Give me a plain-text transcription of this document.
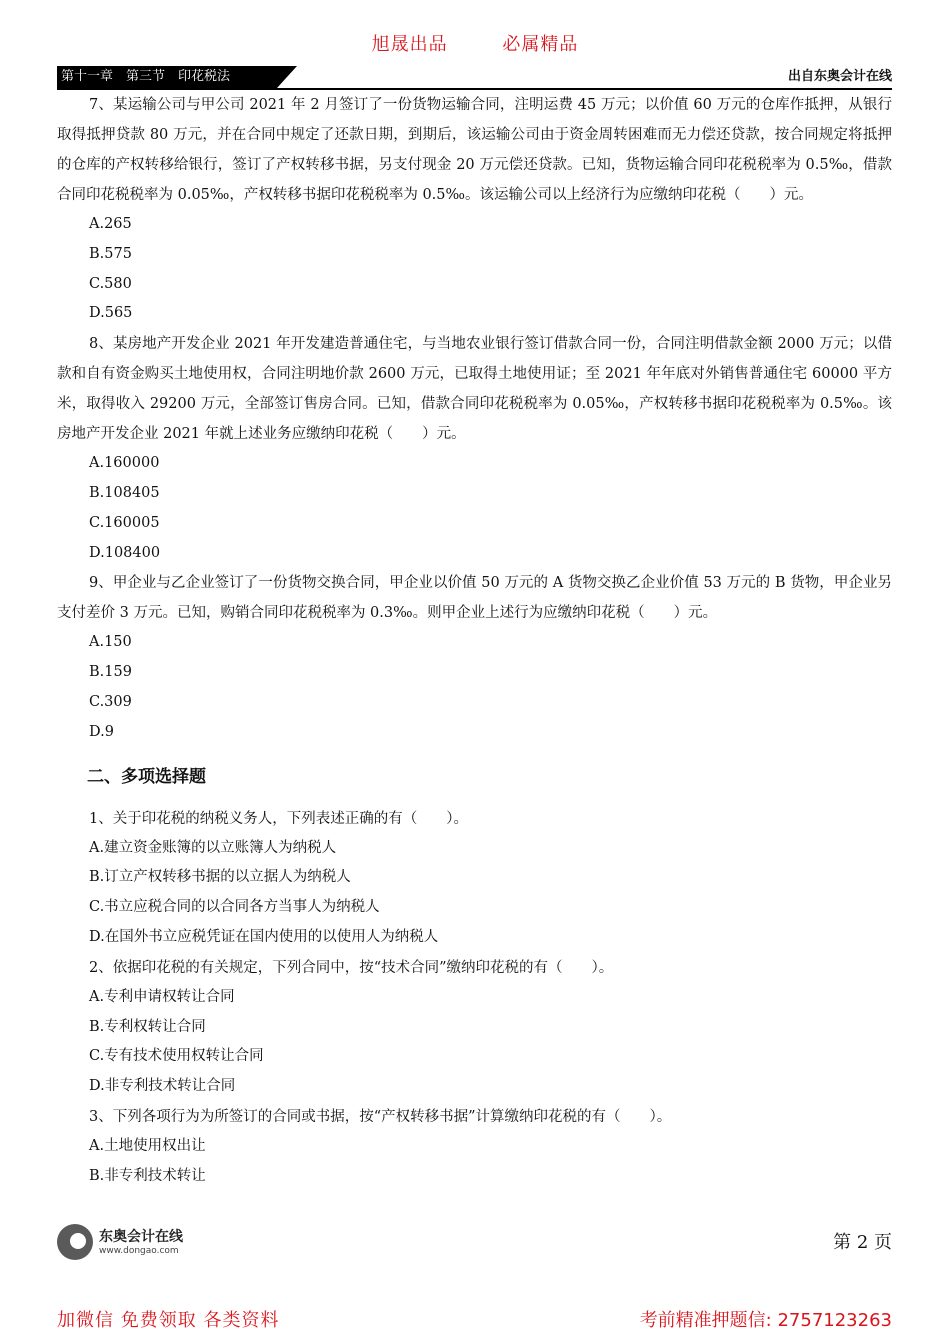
旭晟出品	必属精品
第十一章　第三节　印花税法	出自东奥会计在线

7、某运输公司与甲公司 2021 年 2 月签订了一份货物运输合同，注明运费 45 万元；以价值 60 万元的仓库作抵押，从银行取得抵押贷款 80 万元，并在合同中规定了还款日期，到期后，该运输公司由于资金周转困难而无力偿还贷款，按合同规定将抵押的仓库的产权转移给银行，签订了产权转移书据，另支付现金 20 万元偿还贷款。已知，货物运输合同印花税税率为 0.5‰，借款合同印花税税率为 0.05‰，产权转移书据印花税税率为 0.5‰。该运输公司以上经济行为应缴纳印花税（　　）元。

A.265

B.575

C.580

D.565

8、某房地产开发企业 2021 年开发建造普通住宅，与当地农业银行签订借款合同一份，合同注明借款金额 2000 万元；以借款和自有资金购买土地使用权，合同注明地价款 2600 万元，已取得土地使用证；至 2021 年年底对外销售普通住宅 60000 平方米，取得收入 29200 万元，全部签订售房合同。已知，借款合同印花税税率为 0.05‰，产权转移书据印花税税率为 0.5‰。该房地产开发企业 2021 年就上述业务应缴纳印花税（　　）元。

A.160000

B.108405

C.160005

D.108400

9、甲企业与乙企业签订了一份货物交换合同，甲企业以价值 50 万元的 A 货物交换乙企业价值 53 万元的 B 货物，甲企业另支付差价 3 万元。已知，购销合同印花税税率为 0.3‰。则甲企业上述行为应缴纳印花税（　　）元。

A.150

B.159

C.309

D.9

二、多项选择题

1、关于印花税的纳税义务人，下列表述正确的有（　　）。

A.建立资金账簿的以立账簿人为纳税人

B.订立产权转移书据的以立据人为纳税人

C.书立应税合同的以合同各方当事人为纳税人

D.在国外书立应税凭证在国内使用的以使用人为纳税人

2、依据印花税的有关规定，下列合同中，按“技术合同”缴纳印花税的有（　　）。

A.专利申请权转让合同

B.专利权转让合同

C.专有技术使用权转让合同

D.非专利技术转让合同

3、下列各项行为为所签订的合同或书据，按“产权转移书据”计算缴纳印花税的有（　　）。

A.土地使用权出让

B.非专利技术转让

东奥会计在线
www.dongao.com	第 2 页
加微信 免费领取 各类资料	考前精准押题信: 2757123263
